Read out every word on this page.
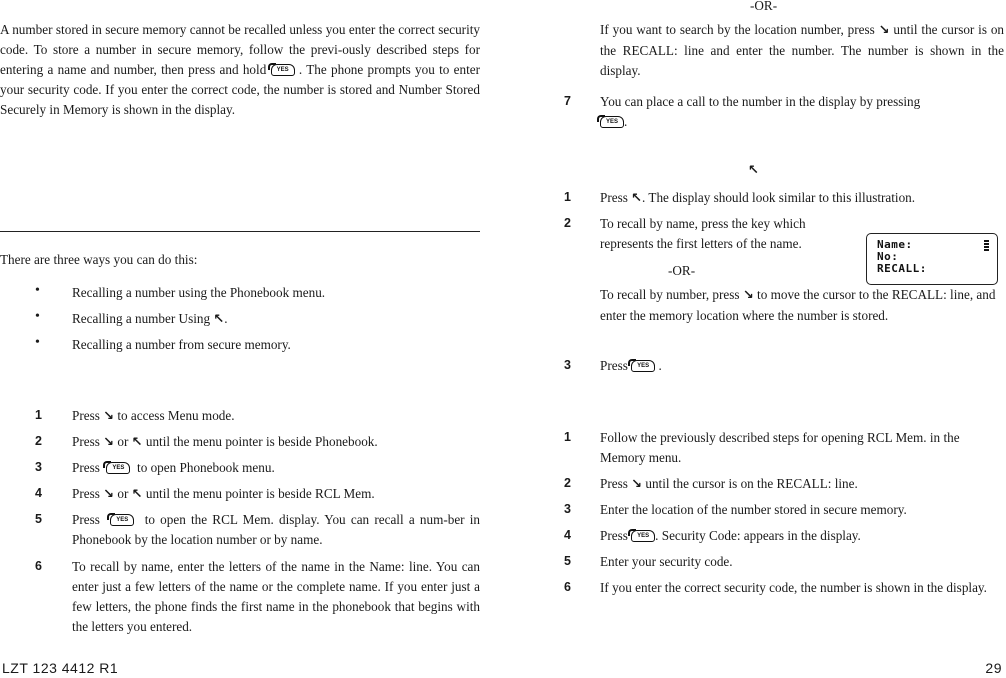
A number stored in secure memory cannot be recalled unless you enter the correct security code. To store a number in secure memory, follow the previ-ously described steps for entering a name and number, then press and hold YES . The phone prompts you to enter your security code. If you enter the correct code, the number is stored and Number Stored Securely in Memory is shown in the display.

There are three ways you can do this:

• Recalling a number using the Phonebook menu.

• Recalling a number Using ↖.

• Recalling a number from secure memory.

1 Press ↘ to access Menu mode.

2 Press ↘ or ↖ until the menu pointer is beside Phonebook.

3 Press YES to open Phonebook menu.

4 Press ↘ or ↖ until the menu pointer is beside RCL Mem.

5 Press	YES to open the RCL Mem. display. You can recall a num-ber in Phonebook by the location number or by name.

6 To recall by name, enter the letters of the name in the Name: line. You can enter just a few letters of the name or the complete name. If you enter just a few letters, the phone finds the first name in the phonebook that begins with the letters you entered.

-OR-

If you want to search by the location number, press ↘ until the cursor is on the RECALL: line and enter the number. The number is shown in the display.

7 You can place a call to the number in the display by pressing
YES .

↖
1 Press ↖. The display should look similar to this illustration.

2 To recall by name, press the key which represents the first letters of the name.

-OR-

To recall by number, press ↘ to move the cursor to the RECALL: line, and enter the memory location where the number is stored.

3 Press YES .

1 Follow the previously described steps for opening RCL Mem. in the Memory menu.

2 Press ↘ until the cursor is on the RECALL: line.

3 Enter the location of the number stored in secure memory.

4 Press YES . Security Code: appears in the display.

5 Enter your security code.

6 If you enter the correct security code, the number is shown in the display.

Name:
No:
RECALL:
LZT 123 4412 R1	29
